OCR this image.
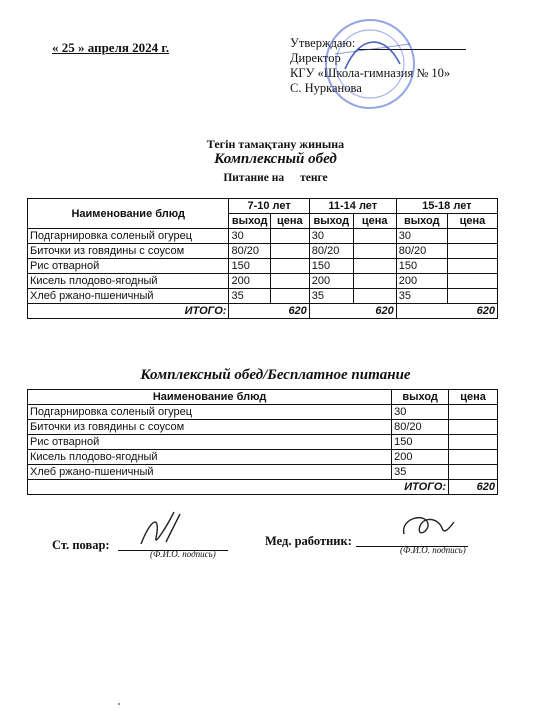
« 25 » апреля 2024 г.	Утверждаю:
Директор
КГУ «Школа-гимназия № 10»
С. Нурканова
Тегін тамақтану жинына
Комплексный обед
Питание на тенге
Наименование блюд	7-10 лет		11-14 лет		15-18 лет	
	выход	цена	выход	цена	выход	цена
Подгарнировка соленый огурец	30		30		30	
Биточки из говядины с соусом	80/20		80/20		80/20	
Рис отварной	150		150		150	
Кисель плодово-ягодный	200		200		200	
Хлеб ржано-пшеничный	35		35		35	
ИТОГО:	620		620		620	
Комплексный обед/Бесплатное питание
Наименование блюд	выход	цена
Подгарнировка соленый огурец	30	
Биточки из говядины с соусом	80/20	
Рис отварной	150	
Кисель плодово-ягодный	200	
Хлеб ржано-пшеничный	35	
ИТОГО:		620
Ст. повар:
(Ф.И.О. подпись)
Мед. работник:
(Ф.И.О. подпись)
